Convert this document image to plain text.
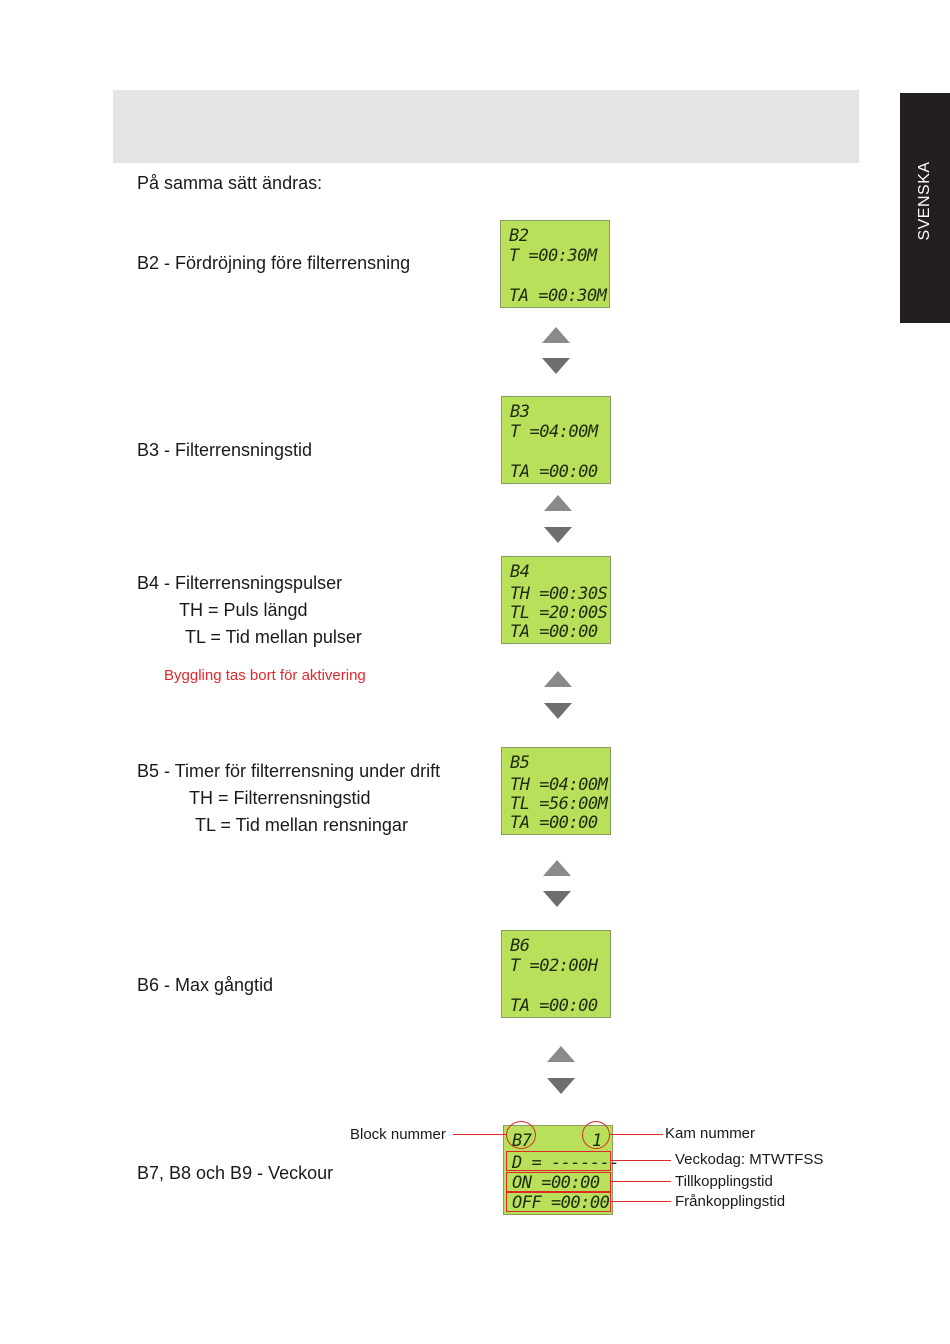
SVENSKA
På samma sätt ändras:
B2 - Fördröjning före filterrensning
B2
T =00:30M
TA =00:30M
B3 - Filterrensningstid
B3
T =04:00M
TA =00:00
B4 - Filterrensningspulser
TH = Puls längd
TL = Tid mellan pulser
Byggling tas bort för aktivering
B4
TH =00:30S
TL =20:00S
TA =00:00
B5 - Timer för filterrensning under drift
TH = Filterrensningstid
TL = Tid mellan rensningar
B5
TH =04:00M
TL =56:00M
TA =00:00
B6 - Max gångtid
B6
T =02:00H
TA =00:00
B7, B8 och B9 - Veckour
B7	1
D = -------
ON =00:00
OFF =00:00
Block nummer	Kam nummer
Veckodag: MTWTFSS
Tillkopplingstid
Frånkopplingstid
